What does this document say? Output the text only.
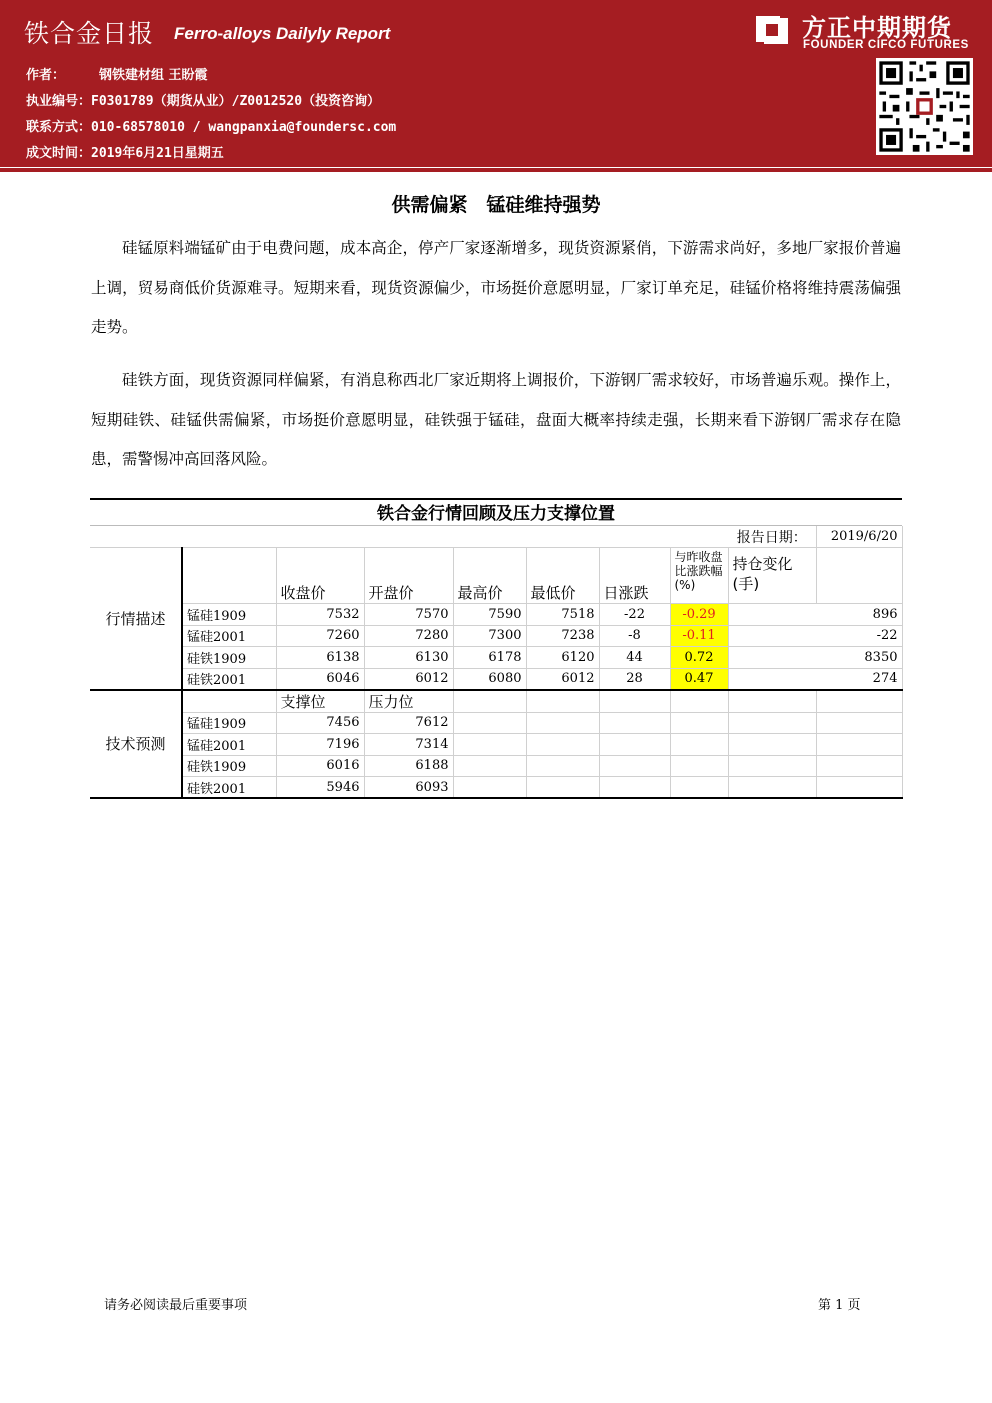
铁合金日报 Ferro-alloys Dailyly Report	方正中期期货
FOUNDER CIFCO FUTURES
作者：	钢铁建材组 王盼霞
执业编号：F0301789（期货从业）/Z0012520（投资咨询）
联系方式：010-68578010 / wangpanxia@foundersc.com
成文时间：2019年6月21日星期五
供需偏紧　锰硅维持强势

硅锰原料端锰矿由于电费问题，成本高企，停产厂家逐渐增多，现货资源紧俏，下游需求尚好，多地厂家报价普遍上调，贸易商低价货源难寻。短期来看，现货资源偏少，市场挺价意愿明显，厂家订单充足，硅锰价格将维持震荡偏强走势。

硅铁方面，现货资源同样偏紧，有消息称西北厂家近期将上调报价，下游钢厂需求较好，市场普遍乐观。操作上，短期硅铁、硅锰供需偏紧，市场挺价意愿明显，硅铁强于锰硅，盘面大概率持续走强，长期来看下游钢厂需求存在隐患，需警惕冲高回落风险。

铁合金行情回顾及压力支撑位置
								报告日期：	2019/6/20	
行情描述		收盘价	开盘价	最高价	最低价	日涨跌	与昨收盘比涨跌幅(%)	持仓变化(手)		
	锰硅1909	7532	7570	7590	7518	-22	-0.29	896	
	锰硅2001	7260	7280	7300	7238	-8	-0.11	-22	
	硅铁1909	6138	6130	6178	6120	44	0.72	8350	
	硅铁2001	6046	6012	6080	6012	28	0.47	274	
技术预测		支撑位	压力位							
	锰硅1909	7456	7612							
	锰硅2001	7196	7314							
	硅铁1909	6016	6188							
	硅铁2001	5946	6093							
请务必阅读最后重要事项	第 1 页
